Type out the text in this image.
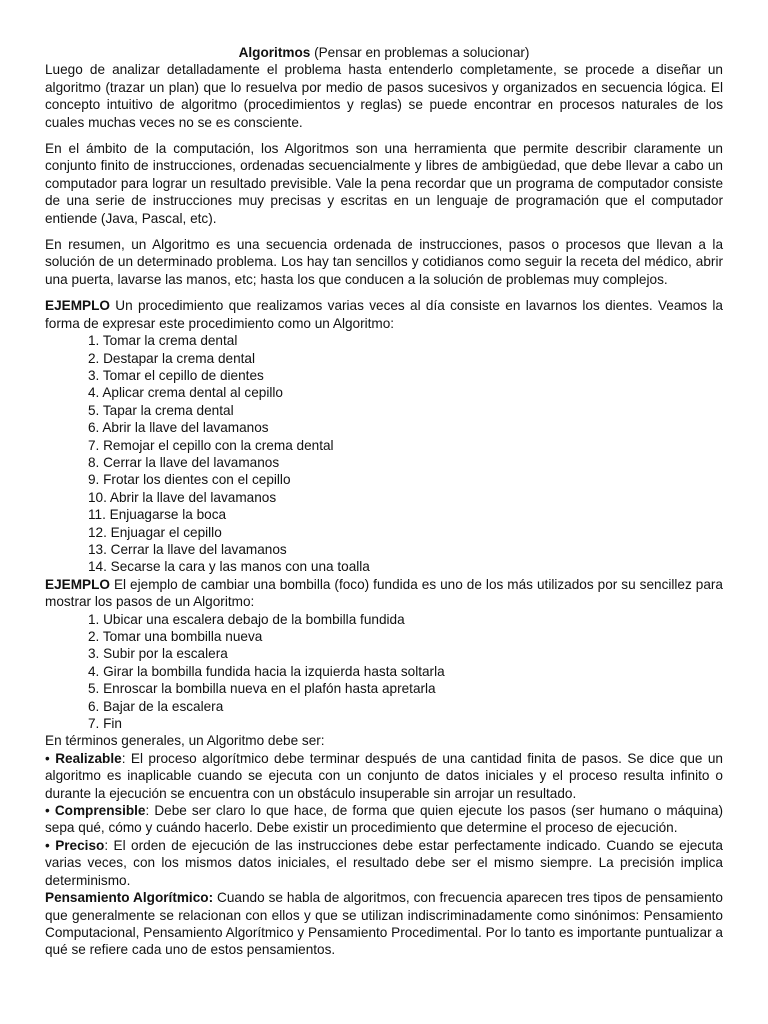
Algoritmos (Pensar en problemas a solucionar)

Luego de analizar detalladamente el problema hasta entenderlo completamente, se procede a diseñar un algoritmo (trazar un plan) que lo resuelva por medio de pasos sucesivos y organizados en secuencia lógica. El concepto intuitivo de algoritmo (procedimientos y reglas) se puede encontrar en procesos naturales de los cuales muchas veces no se es consciente.

En el ámbito de la computación, los Algoritmos son una herramienta que permite describir claramente un conjunto finito de instrucciones, ordenadas secuencialmente y libres de ambigüedad, que debe llevar a cabo un computador para lograr un resultado previsible. Vale la pena recordar que un programa de computador consiste de una serie de instrucciones muy precisas y escritas en un lenguaje de programación que el computador entiende (Java, Pascal, etc).

En resumen, un Algoritmo es una secuencia ordenada de instrucciones, pasos o procesos que llevan a la solución de un determinado problema. Los hay tan sencillos y cotidianos como seguir la receta del médico, abrir una puerta, lavarse las manos, etc; hasta los que conducen a la solución de problemas muy complejos.

EJEMPLO Un procedimiento que realizamos varias veces al día consiste en lavarnos los dientes. Veamos la forma de expresar este procedimiento como un Algoritmo:

1. Tomar la crema dental
2. Destapar la crema dental
3. Tomar el cepillo de dientes
4. Aplicar crema dental al cepillo
5. Tapar la crema dental
6. Abrir la llave del lavamanos
7. Remojar el cepillo con la crema dental
8. Cerrar la llave del lavamanos
9. Frotar los dientes con el cepillo
10. Abrir la llave del lavamanos
11. Enjuagarse la boca
12. Enjuagar el cepillo
13. Cerrar la llave del lavamanos
14. Secarse la cara y las manos con una toalla

EJEMPLO El ejemplo de cambiar una bombilla (foco) fundida es uno de los más utilizados por su sencillez para mostrar los pasos de un Algoritmo:

1. Ubicar una escalera debajo de la bombilla fundida
2. Tomar una bombilla nueva
3. Subir por la escalera
4. Girar la bombilla fundida hacia la izquierda hasta soltarla
5. Enroscar la bombilla nueva en el plafón hasta apretarla
6. Bajar de la escalera
7. Fin

En términos generales, un Algoritmo debe ser:

• Realizable: El proceso algorítmico debe terminar después de una cantidad finita de pasos. Se dice que un algoritmo es inaplicable cuando se ejecuta con un conjunto de datos iniciales y el proceso resulta infinito o durante la ejecución se encuentra con un obstáculo insuperable sin arrojar un resultado.

• Comprensible: Debe ser claro lo que hace, de forma que quien ejecute los pasos (ser humano o máquina) sepa qué, cómo y cuándo hacerlo. Debe existir un procedimiento que determine el proceso de ejecución.

• Preciso: El orden de ejecución de las instrucciones debe estar perfectamente indicado. Cuando se ejecuta varias veces, con los mismos datos iniciales, el resultado debe ser el mismo siempre. La precisión implica determinismo.

Pensamiento Algorítmico: Cuando se habla de algoritmos, con frecuencia aparecen tres tipos de pensamiento que generalmente se relacionan con ellos y que se utilizan indiscriminadamente como sinónimos: Pensamiento Computacional, Pensamiento Algorítmico y Pensamiento Procedimental. Por lo tanto es importante puntualizar a qué se refiere cada uno de estos pensamientos.
